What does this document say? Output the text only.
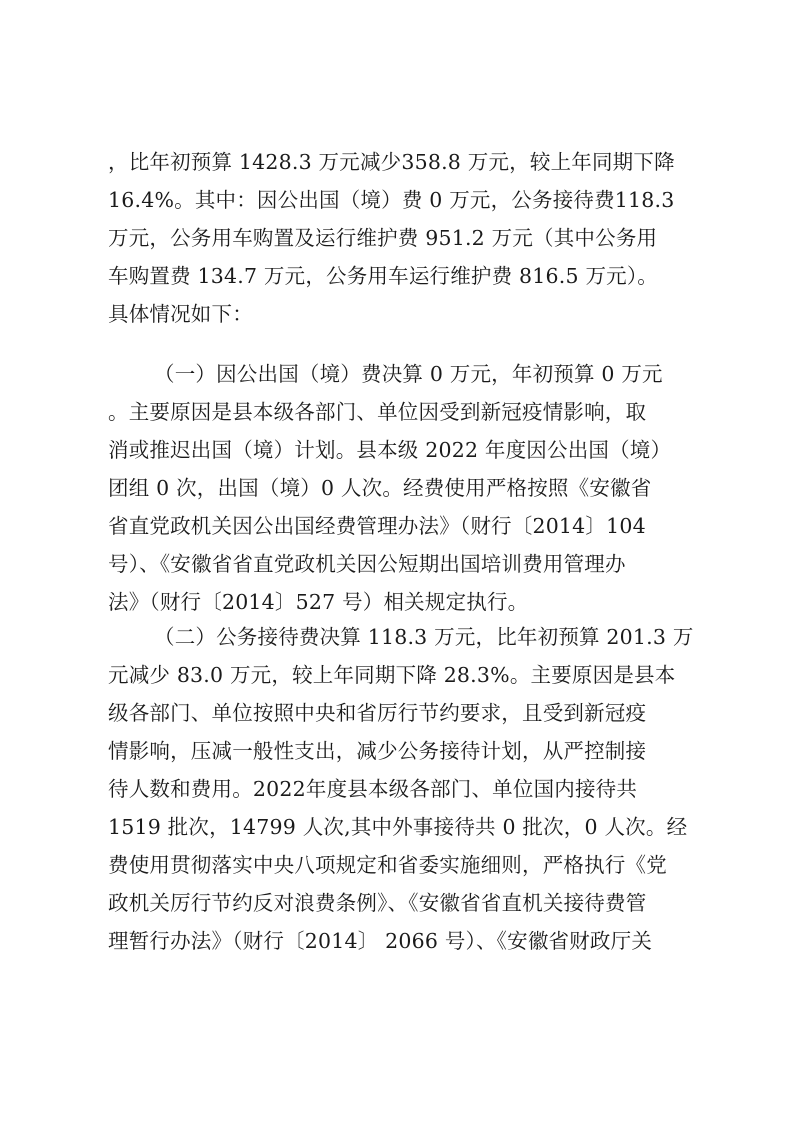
，比年初预算 1428.3 万元减少358.8 万元，较上年同期下降
16.4%。其中：因公出国（境）费 0 万元，公务接待费118.3
万元，公务用车购置及运行维护费 951.2 万元（其中公务用
车购置费 134.7 万元，公务用车运行维护费 816.5 万元）。
具体情况如下：
（一）因公出国（境）费决算 0 万元，年初预算 0 万元
。主要原因是县本级各部门、单位因受到新冠疫情影响，取
消或推迟出国（境）计划。县本级 2022 年度因公出国（境）
团组 0 次，出国（境）0 人次。经费使用严格按照《安徽省
省直党政机关因公出国经费管理办法》（财行〔2014〕104
号）、《安徽省省直党政机关因公短期出国培训费用管理办
法》（财行〔2014〕527 号）相关规定执行。
（二）公务接待费决算 118.3 万元，比年初预算 201.3 万
元减少 83.0 万元，较上年同期下降 28.3%。主要原因是县本
级各部门、单位按照中央和省厉行节约要求，且受到新冠疫
情影响，压减一般性支出，减少公务接待计划，从严控制接
待人数和费用。2022年度县本级各部门、单位国内接待共
1519 批次，14799 人次,其中外事接待共 0 批次，0 人次。经
费使用贯彻落实中央八项规定和省委实施细则，严格执行《党
政机关厉行节约反对浪费条例》、《安徽省省直机关接待费管
理暂行办法》（财行〔2014〕 2066 号）、《安徽省财政厅关
